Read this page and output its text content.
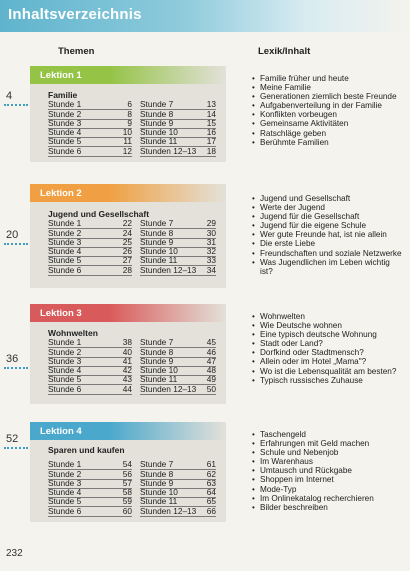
Inhaltsverzeichnis
Themen	Lexik/Inhalt
4
Lektion 1
Familie
Stunde 1	6
Stunde 2	8
Stunde 3	9
Stunde 4	10
Stunde 5	11
Stunde 6	12
Stunde 7	13
Stunde 8	14
Stunde 9	15
Stunde 10	16
Stunde 11	17
Stunden 12–13 18
• Familie früher und heute
• Meine Familie
• Generationen ziemlich beste Freunde
• Aufgabenverteilung in der Familie
• Konflikten vorbeugen
• Gemeinsame Aktivitäten
• Ratschläge geben
• Berühmte Familien
20
Lektion 2
Jugend und Gesellschaft
Stunde 1	22
Stunde 2	24
Stunde 3	25
Stunde 4	26
Stunde 5	27
Stunde 6	28
Stunde 7	29
Stunde 8	30
Stunde 9	31
Stunde 10	32
Stunde 11	33
Stunden 12–13 34
• Jugend und Gesellschaft
• Werte der Jugend
• Jugend für die Gesellschaft
• Jugend für die eigene Schule
• Wer gute Freunde hat, ist nie allein
• Die erste Liebe
• Freundschaften und soziale Netzwerke
• Was Jugendlichen im Leben wichtig ist?
36
Lektion 3
Wohnwelten
Stunde 1	38
Stunde 2	40
Stunde 3	41
Stunde 4	42
Stunde 5	43
Stunde 6	44
Stunde 7	45
Stunde 8	46
Stunde 9	47
Stunde 10	48
Stunde 11	49
Stunden 12–13 50
• Wohnwelten
• Wie Deutsche wohnen
• Eine typisch deutsche Wohnung
• Stadt oder Land?
• Dorfkind oder Stadtmensch?
• Allein oder im Hotel „Mama"?
• Wo ist die Lebensqualität am besten?
• Typisch russisches Zuhause
52
Lektion 4
Sparen und kaufen
Stunde 1	54
Stunde 2	56
Stunde 3	57
Stunde 4	58
Stunde 5	59
Stunde 6	60
Stunde 7	61
Stunde 8	62
Stunde 9	63
Stunde 10	64
Stunde 11	65
Stunden 12–13 66
• Taschengeld
• Erfahrungen mit Geld machen
• Schule und Nebenjob
• Im Warenhaus
• Umtausch und Rückgabe
• Shoppen im Internet
• Mode-Typ
• Im Onlinekatalog recherchieren
• Bilder beschreiben
232
